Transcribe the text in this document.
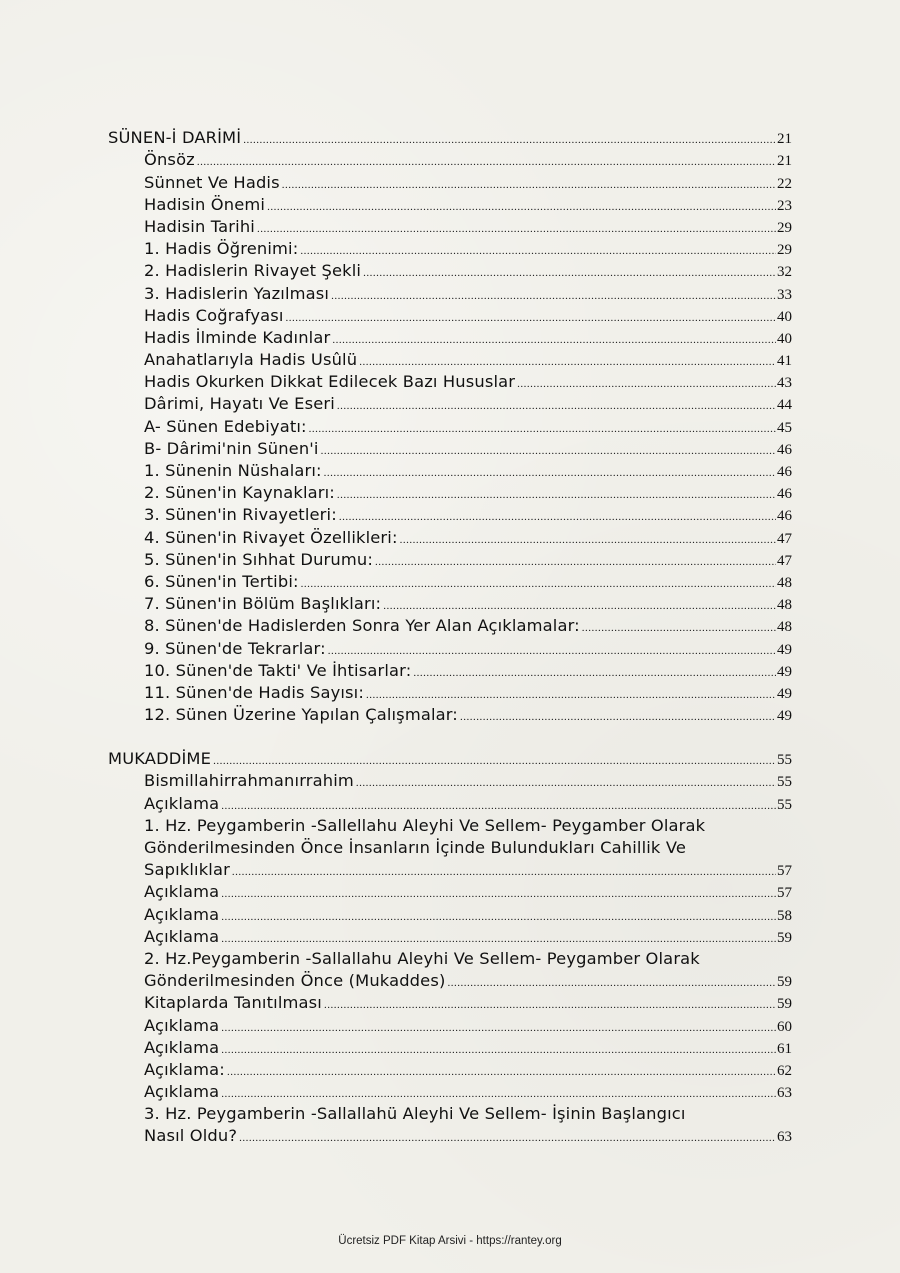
SÜNEN-İ DARİMİ .....	21
Önsöz .....	21
Sünnet Ve Hadis .....	22
Hadisin Önemi .....	23
Hadisin Tarihi .....	29
1. Hadis Öğrenimi: .....	29
2. Hadislerin Rivayet Şekli .....	32
3. Hadislerin Yazılması .....	33
Hadis Coğrafyası .....	40
Hadis İlminde Kadınlar .....	40
Anahatlarıyla Hadis Usûlü .....	41
Hadis Okurken Dikkat Edilecek Bazı Hususlar .....	43
Dârimi, Hayatı Ve Eseri .....	44
A- Sünen Edebiyatı: .....	45
B- Dârimi'nin Sünen'i .....	46
1. Sünenin Nüshaları: .....	46
2. Sünen'in Kaynakları: .....	46
3. Sünen'in Rivayetleri: .....	46
4. Sünen'in Rivayet Özellikleri: .....	47
5. Sünen'in Sıhhat Durumu: .....	47
6. Sünen'in Tertibi: .....	48
7. Sünen'in Bölüm Başlıkları: .....	48
8. Sünen'de Hadislerden Sonra Yer Alan Açıklamalar: .....	48
9. Sünen'de Tekrarlar: .....	49
10. Sünen'de Takti' Ve İhtisarlar: .....	49
11. Sünen'de Hadis Sayısı: .....	49
12. Sünen Üzerine Yapılan Çalışmalar: .....	49
MUKADDİME .....	55
Bismillahirrahmanırrahim .....	55
Açıklama .....	55
1. Hz. Peygamberin -Sallellahu Aleyhi Ve Sellem- Peygamber Olarak
Gönderilmesinden Önce İnsanların İçinde Bulundukları Cahillik Ve
Sapıklıklar .....	57
Açıklama .....	57
Açıklama .....	58
Açıklama .....	59
2. Hz.Peygamberin -Sallallahu Aleyhi Ve Sellem- Peygamber Olarak
Gönderilmesinden Önce (Mukaddes) .....	59
Kitaplarda Tanıtılması .....	59
Açıklama .....	60
Açıklama .....	61
Açıklama: .....	62
Açıklama .....	63
3. Hz. Peygamberin -Sallallahü Aleyhi Ve Sellem- İşinin Başlangıcı
Nasıl Oldu? .....	63
Ücretsiz PDF Kitap Arsivi - https://rantey.org
